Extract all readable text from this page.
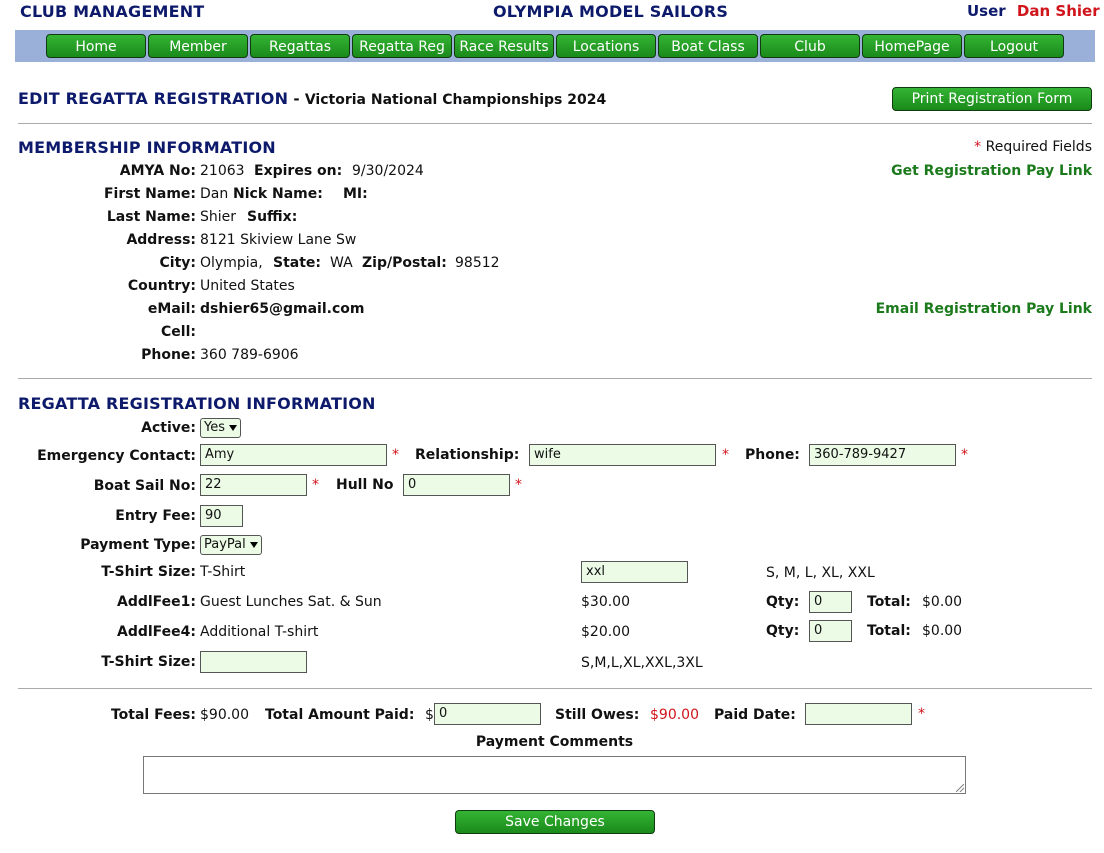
CLUB MANAGEMENT	OLYMPIA MODEL SAILORS	User Dan Shier
Home	Member	Regattas	Regatta Reg	Race Results	Locations	Boat Class	Club	HomePage	Logout
EDIT REGATTA REGISTRATION - Victoria National Championships 2024	Print Registration Form
MEMBERSHIP INFORMATION	* Required Fields
Get Registration Pay Link
Email Registration Pay Link
AMYA No: 21063 Expires on: 9/30/2024
First Name: Dan Nick Name: MI:
Last Name: Shier Suffix:
Address: 8121 Skiview Lane Sw
City: Olympia, State: WA Zip/Postal: 98512
Country: United States
eMail: dshier65@gmail.com
Cell:
Phone: 360 789-6906
REGATTA REGISTRATION INFORMATION
Active: Yes
Emergency Contact: Amy	* Relationship:	wife	* Phone:	360-789-9427	*
Boat Sail No: 22	* Hull No	0	*
Entry Fee: 90
Payment Type: PayPal
T-Shirt Size: T-Shirt	xxl	S, M, L, XL, XXL
AddlFee1: Guest Lunches Sat. & Sun	$30.00	Qty:	0	Total: $0.00
AddlFee4: Additional T-shirt	$20.00	Qty:	0	Total: $0.00
T-Shirt Size:	S,M,L,XL,XXL,3XL
Total Fees: $90.00 Total Amount Paid: $ 0	Still Owes: $90.00 Paid Date:	*
Payment Comments
Save Changes
